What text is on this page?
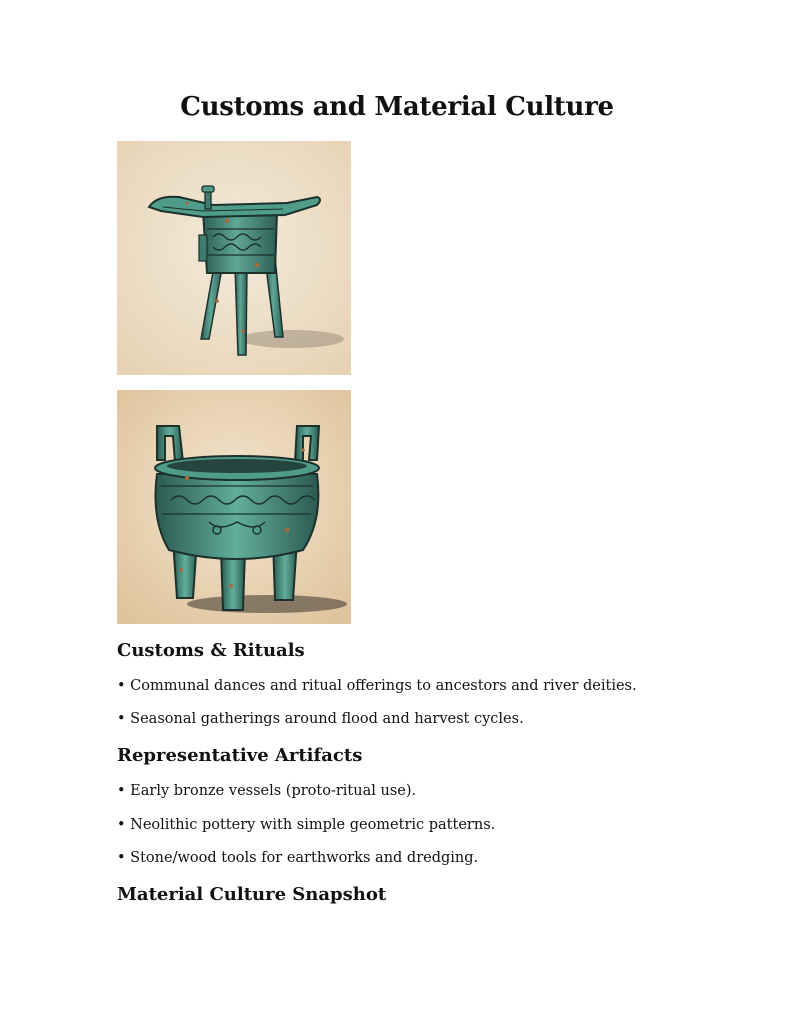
Customs and Material Culture
Customs & Rituals
• Communal dances and ritual offerings to ancestors and river deities.
• Seasonal gatherings around flood and harvest cycles.
Representative Artifacts
• Early bronze vessels (proto-ritual use).
• Neolithic pottery with simple geometric patterns.
• Stone/wood tools for earthworks and dredging.
Material Culture Snapshot
